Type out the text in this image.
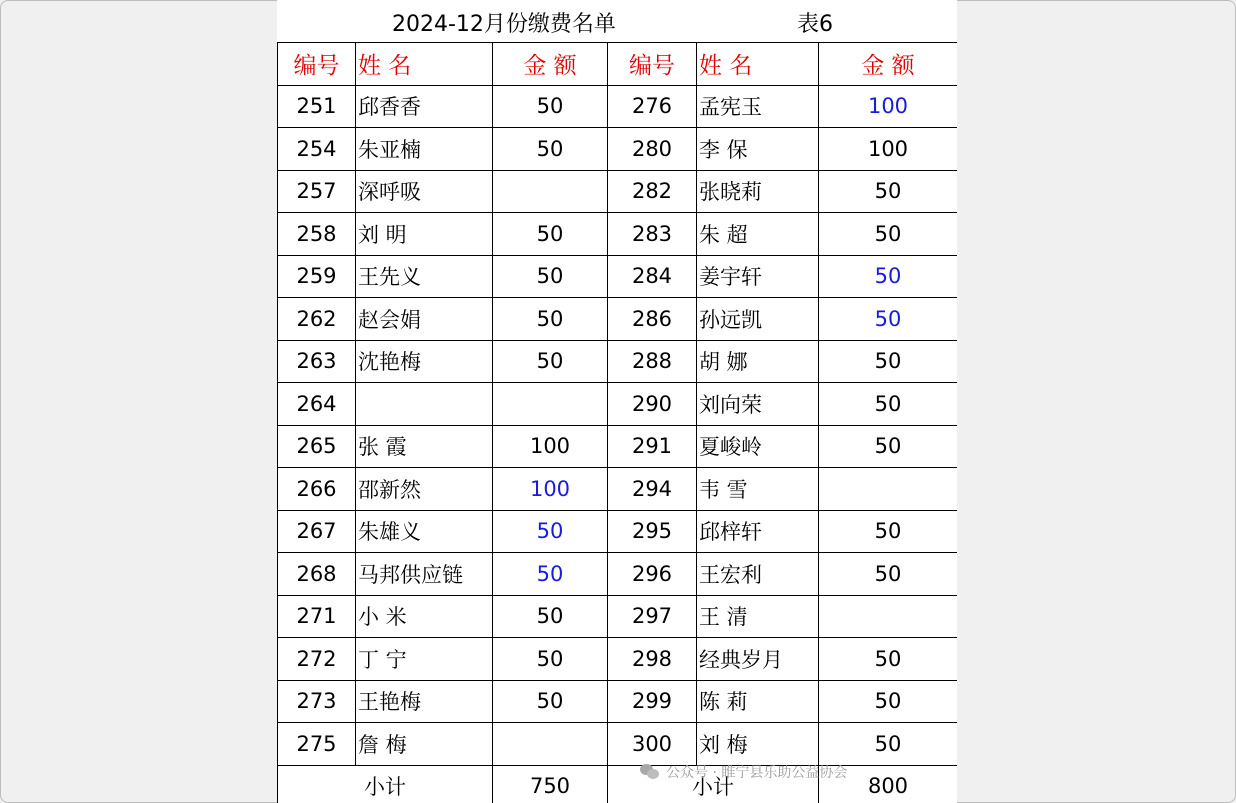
2024-12月份缴费名单	表6
编号	姓 名	金 额	编号	姓 名	金 额
251	邱香香	50	276	孟宪玉	100
254	朱亚楠	50	280	李 保	100
257	深呼吸		282	张晓莉	50
258	刘 明	50	283	朱 超	50
259	王先义	50	284	姜宇轩	50
262	赵会娟	50	286	孙远凯	50
263	沈艳梅	50	288	胡 娜	50
264			290	刘向荣	50
265	张 霞	100	291	夏峻岭	50
266	邵新然	100	294	韦 雪	
267	朱雄义	50	295	邱梓轩	50
268	马邦供应链	50	296	王宏利	50
271	小 米	50	297	王 清	
272	丁 宁	50	298	经典岁月	50
273	王艳梅	50	299	陈 莉	50
275	詹 梅		300	刘 梅	50
小计		750	小计		800
公众号 · 睢宁县乐助公益协会
